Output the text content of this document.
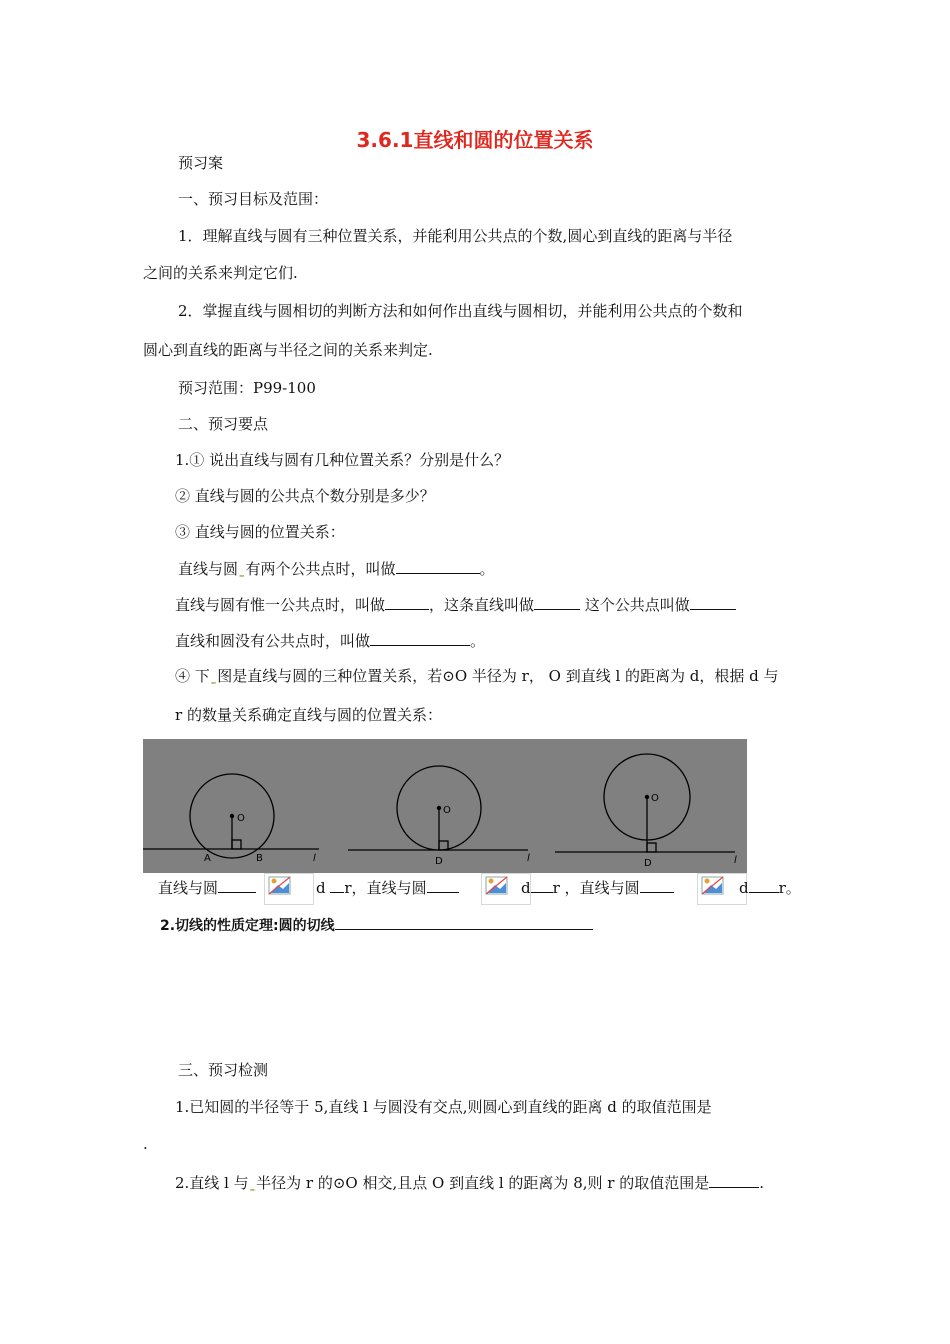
3.6.1直线和圆的位置关系
预习案
一、预习目标及范围：
1．理解直线与圆有三种位置关系，并能利用公共点的个数,圆心到直线的距离与半径
之间的关系来判定它们.
2．掌握直线与圆相切的判断方法和如何作出直线与圆相切，并能利用公共点的个数和
圆心到直线的距离与半径之间的关系来判定.
预习范围：P99-100
二、预习要点
1.① 说出直线与圆有几种位置关系？分别是什么？
② 直线与圆的公共点个数分别是多少？
③ 直线与圆的位置关系：
直线与圆ˍ有两个公共点时，叫做	。
直线与圆有惟一公共点时，叫做	，这条直线叫做	这个公共点叫做
直线和圆没有公共点时，叫做	。
④ 下ˍ图是直线与圆的三种位置关系，若⊙O 半径为 r， O 到直线 l 的距离为 d，根据 d 与
r 的数量关系确定直线与圆的位置关系：
O
A	B	l
O
D	l
O
D	l
直线与圆	d r，直线与圆	d r ，直线与圆	d r。
2.切线的性质定理:圆的切线
三、预习检测
1.已知圆的半径等于 5,直线 l 与圆没有交点,则圆心到直线的距离 d 的取值范围是
.
2.直线 l 与ˍ半径为 r 的⊙O 相交,且点 O 到直线 l 的距离为 8,则 r 的取值范围是	.
